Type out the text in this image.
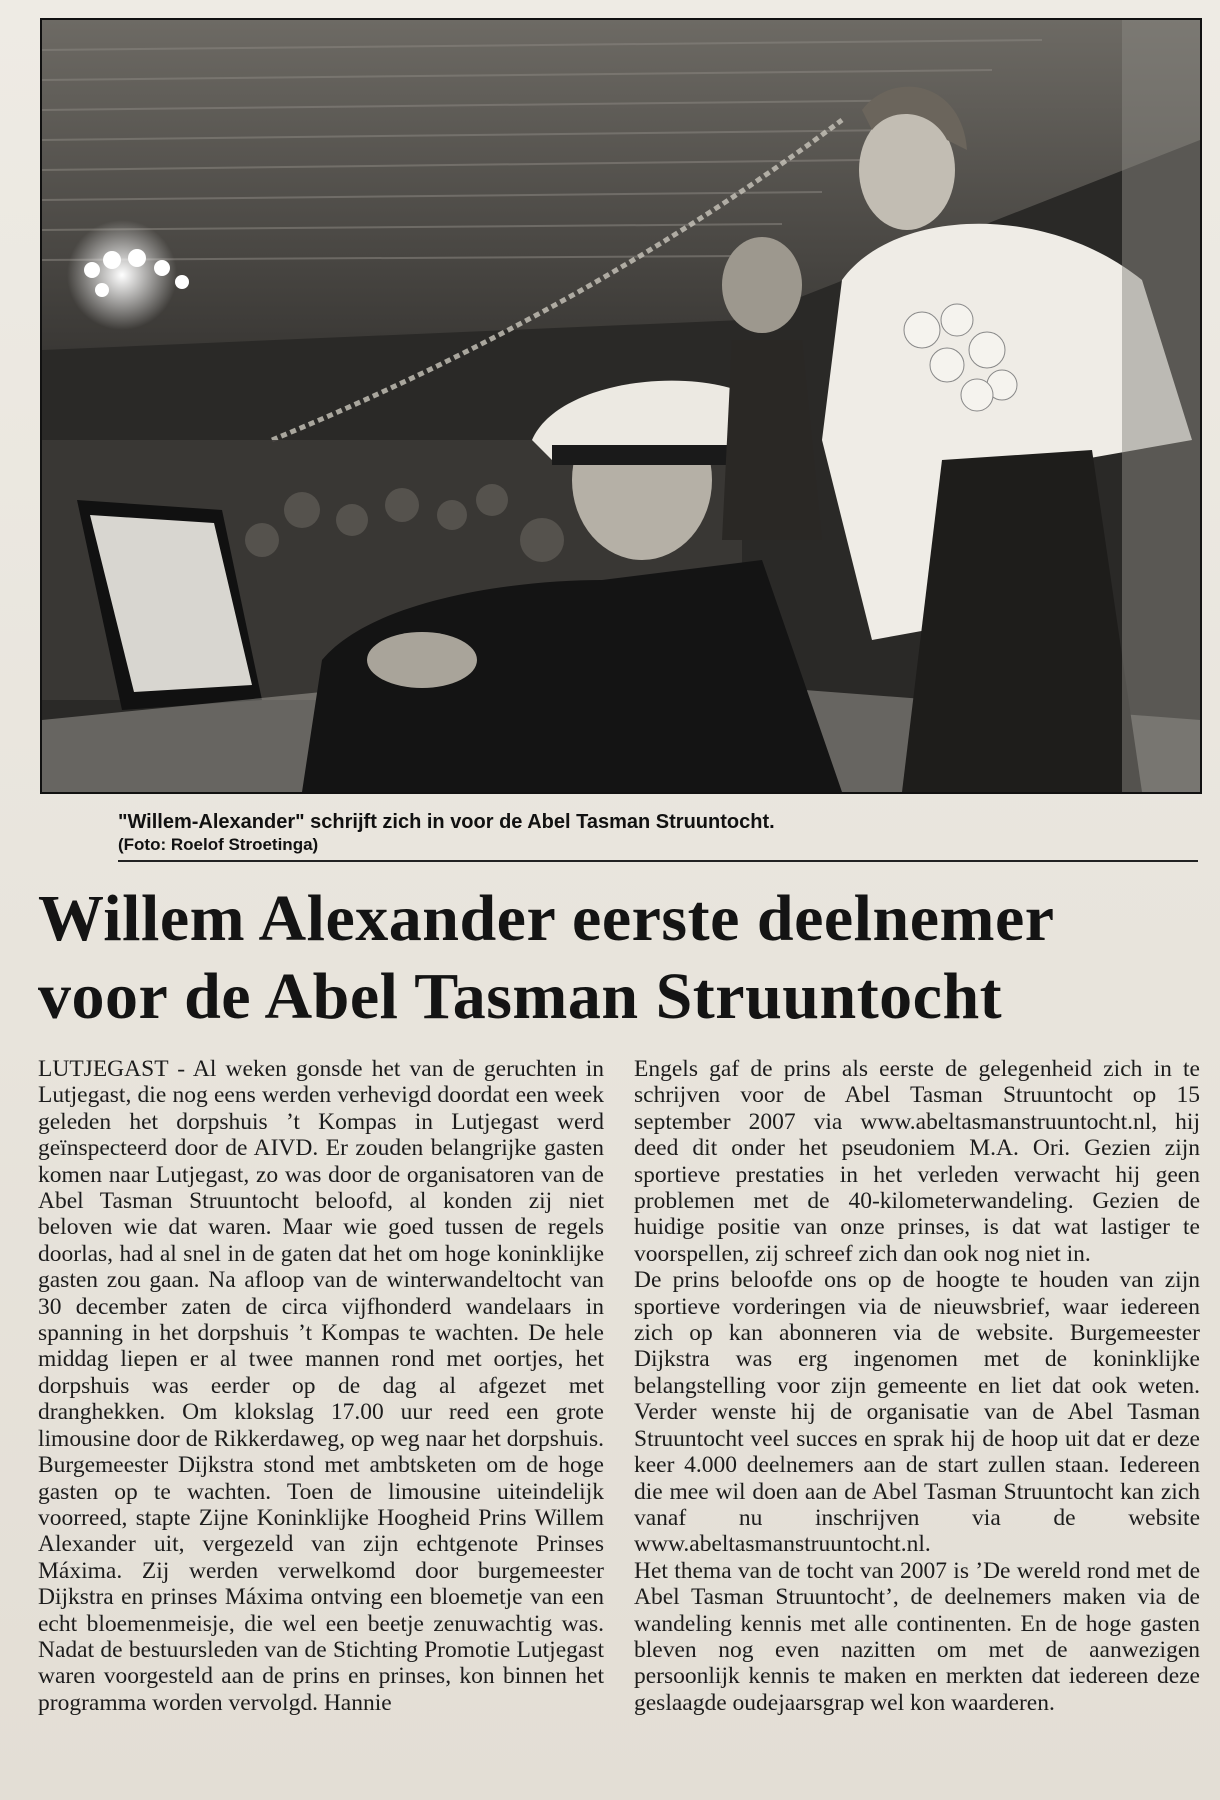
"Willem-Alexander" schrijft zich in voor de Abel Tasman Struuntocht.
(Foto: Roelof Stroetinga)
Willem Alexander eerste deelnemer
voor de Abel Tasman Struuntocht

LUTJEGAST - Al weken gonsde het van de geruchten in Lutjegast, die nog eens werden verhevigd doordat een week geleden het dorpshuis ’t Kompas in Lutjegast werd geïnspecteerd door de AIVD. Er zouden belangrijke gasten komen naar Lutjegast, zo was door de organisatoren van de Abel Tasman Struuntocht beloofd, al konden zij niet beloven wie dat waren. Maar wie goed tussen de regels doorlas, had al snel in de gaten dat het om hoge koninklijke gasten zou gaan. Na afloop van de winterwandeltocht van 30 december zaten de circa vijfhonderd wandelaars in spanning in het dorpshuis ’t Kompas te wachten. De hele middag liepen er al twee mannen rond met oortjes, het dorpshuis was eerder op de dag al afgezet met dranghekken. Om klokslag 17.00 uur reed een grote limousine door de Rikkerdaweg, op weg naar het dorpshuis. Burgemeester Dijkstra stond met ambtsketen om de hoge gasten op te wachten. Toen de limousine uiteindelijk voorreed, stapte Zijne Koninklijke Hoogheid Prins Willem Alexander uit, vergezeld van zijn echtgenote Prinses Máxima. Zij werden verwelkomd door burgemeester Dijkstra en prinses Máxima ontving een bloemetje van een echt bloemenmeisje, die wel een beetje zenuwachtig was. Nadat de bestuursleden van de Stichting Promotie Lutjegast waren voorgesteld aan de prins en prinses, kon binnen het programma worden vervolgd. Hannie

Engels gaf de prins als eerste de gelegenheid zich in te schrijven voor de Abel Tasman Struuntocht op 15 september 2007 via www.abeltasmanstruuntocht.nl, hij deed dit onder het pseudoniem M.A. Ori. Gezien zijn sportieve prestaties in het verleden verwacht hij geen problemen met de 40-kilometerwandeling. Gezien de huidige positie van onze prinses, is dat wat lastiger te voorspellen, zij schreef zich dan ook nog niet in.

De prins beloofde ons op de hoogte te houden van zijn sportieve vorderingen via de nieuwsbrief, waar iedereen zich op kan abonneren via de website. Burgemeester Dijkstra was erg ingenomen met de koninklijke belangstelling voor zijn gemeente en liet dat ook weten. Verder wenste hij de organisatie van de Abel Tasman Struuntocht veel succes en sprak hij de hoop uit dat er deze keer 4.000 deelnemers aan de start zullen staan. Iedereen die mee wil doen aan de Abel Tasman Struuntocht kan zich vanaf nu inschrijven via de website www.abeltasmanstruuntocht.nl.

Het thema van de tocht van 2007 is ’De wereld rond met de Abel Tasman Struuntocht’, de deelnemers maken via de wandeling kennis met alle continenten. En de hoge gasten bleven nog even nazitten om met de aanwezigen persoonlijk kennis te maken en merkten dat iedereen deze geslaagde oudejaarsgrap wel kon waarderen.
